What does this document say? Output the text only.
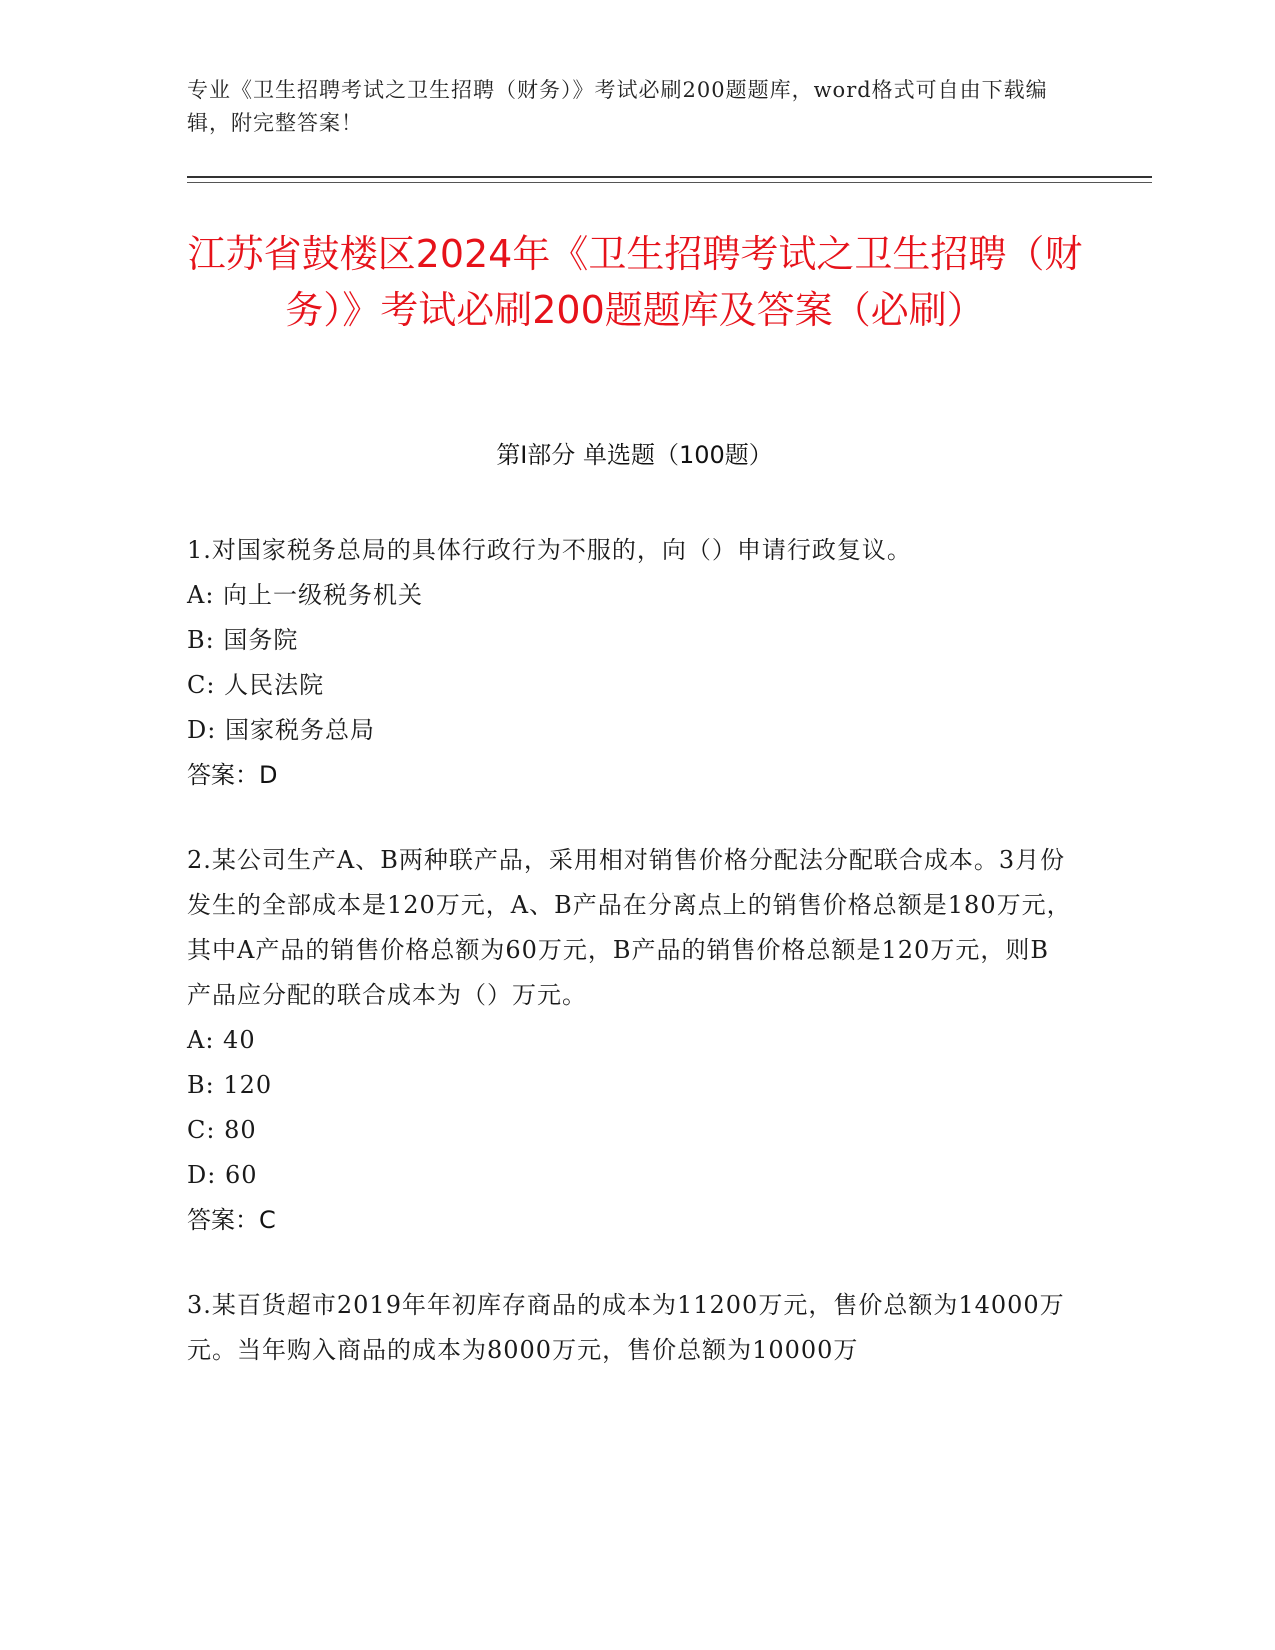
专业《卫生招聘考试之卫生招聘（财务）》考试必刷200题题库，word格式可自由下载编辑，附完整答案！
江苏省鼓楼区2024年《卫生招聘考试之卫生招聘（财务）》考试必刷200题题库及答案（必刷）
第I部分 单选题（100题）

1.对国家税务总局的具体行政行为不服的，向（）申请行政复议。

A: 向上一级税务机关

B: 国务院

C: 人民法院

D: 国家税务总局

答案：D

2.某公司生产A、B两种联产品，采用相对销售价格分配法分配联合成本。3月份发生的全部成本是120万元，A、B产品在分离点上的销售价格总额是180万元，其中A产品的销售价格总额为60万元，B产品的销售价格总额是120万元，则B产品应分配的联合成本为（）万元。

A: 40

B: 120

C: 80

D: 60

答案：C

3.某百货超市2019年年初库存商品的成本为11200万元，售价总额为14000万元。当年购入商品的成本为8000万元，售价总额为10000万
